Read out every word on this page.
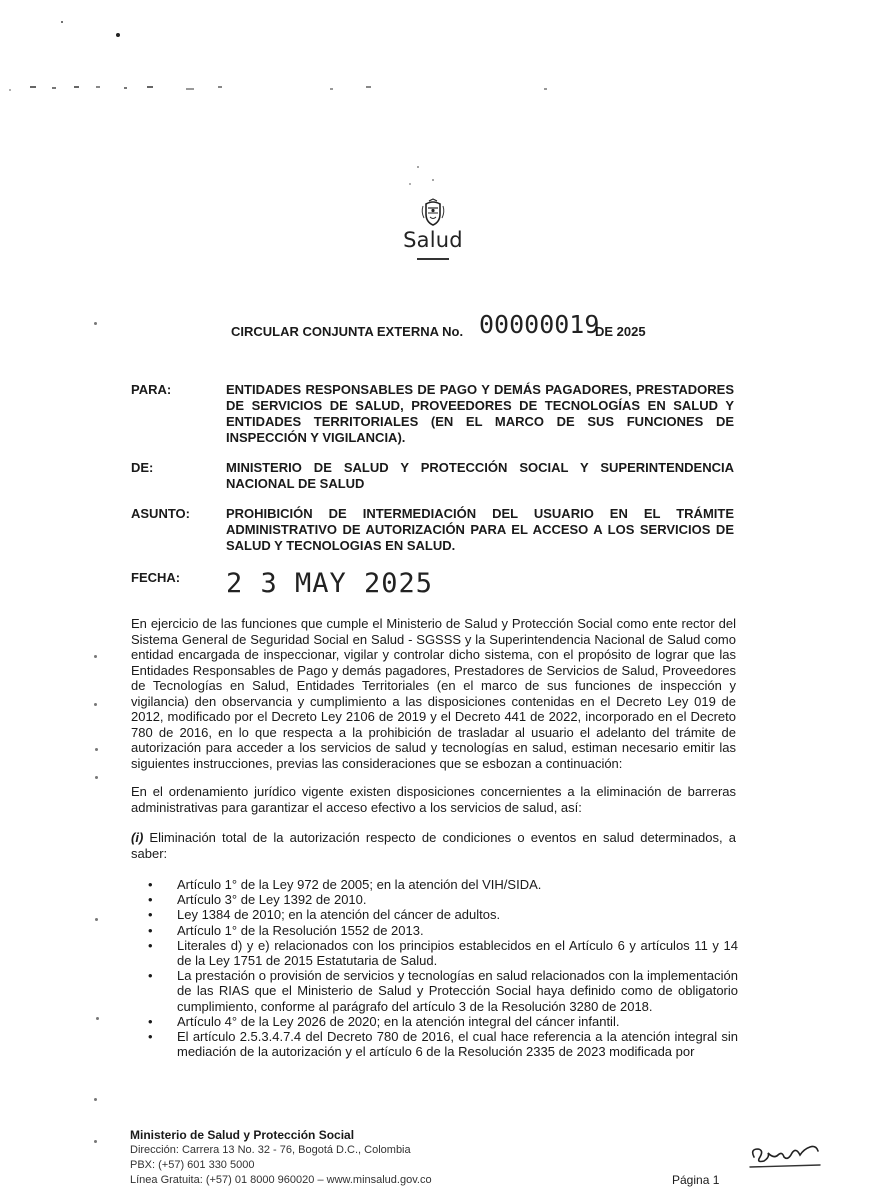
Salud
CIRCULAR CONJUNTA EXTERNA No. 00000019
DE 2025
PARA:	ENTIDADES RESPONSABLES DE PAGO Y DEMÁS PAGADORES, PRESTADORES DE SERVICIOS DE SALUD, PROVEEDORES DE TECNOLOGÍAS EN SALUD Y ENTIDADES TERRITORIALES (EN EL MARCO DE SUS FUNCIONES DE INSPECCIÓN Y VIGILANCIA).
DE:	MINISTERIO DE SALUD Y PROTECCIÓN SOCIAL Y SUPERINTENDENCIA NACIONAL DE SALUD
ASUNTO:	PROHIBICIÓN DE INTERMEDIACIÓN DEL USUARIO EN EL TRÁMITE ADMINISTRATIVO DE AUTORIZACIÓN PARA EL ACCESO A LOS SERVICIOS DE SALUD Y TECNOLOGIAS EN SALUD.
FECHA:	2 3 MAY 2025
En ejercicio de las funciones que cumple el Ministerio de Salud y Protección Social como ente rector del Sistema General de Seguridad Social en Salud - SGSSS y la Superintendencia Nacional de Salud como entidad encargada de inspeccionar, vigilar y controlar dicho sistema, con el propósito de lograr que las Entidades Responsables de Pago y demás pagadores, Prestadores de Servicios de Salud, Proveedores de Tecnologías en Salud, Entidades Territoriales (en el marco de sus funciones de inspección y vigilancia) den observancia y cumplimiento a las disposiciones contenidas en el Decreto Ley 019 de 2012, modificado por el Decreto Ley 2106 de 2019 y el Decreto 441 de 2022, incorporado en el Decreto 780 de 2016, en lo que respecta a la prohibición de trasladar al usuario el adelanto del trámite de autorización para acceder a los servicios de salud y tecnologías en salud, estiman necesario emitir las siguientes instrucciones, previas las consideraciones que se esbozan a continuación:
En el ordenamiento jurídico vigente existen disposiciones concernientes a la eliminación de barreras administrativas para garantizar el acceso efectivo a los servicios de salud, así:
(i) Eliminación total de la autorización respecto de condiciones o eventos en salud determinados, a saber:
• Artículo 1° de la Ley 972 de 2005; en la atención del VIH/SIDA.
• Artículo 3° de Ley 1392 de 2010.
• Ley 1384 de 2010; en la atención del cáncer de adultos.
• Artículo 1° de la Resolución 1552 de 2013.
• Literales d) y e) relacionados con los principios establecidos en el Artículo 6 y artículos 11 y 14 de la Ley 1751 de 2015 Estatutaria de Salud.
• La prestación o provisión de servicios y tecnologías en salud relacionados con la implementación de las RIAS que el Ministerio de Salud y Protección Social haya definido como de obligatorio cumplimiento, conforme al parágrafo del artículo 3 de la Resolución 3280 de 2018.
• Artículo 4° de la Ley 2026 de 2020; en la atención integral del cáncer infantil.
• El artículo 2.5.3.4.7.4 del Decreto 780 de 2016, el cual hace referencia a la atención integral sin mediación de la autorización y el artículo 6 de la Resolución 2335 de 2023 modificada por
Ministerio de Salud y Protección Social
Dirección: Carrera 13 No. 32 - 76, Bogotá D.C., Colombia
PBX: (+57) 601 330 5000
Línea Gratuita: (+57) 01 8000 960020 – www.minsalud.gov.co	Página 1
